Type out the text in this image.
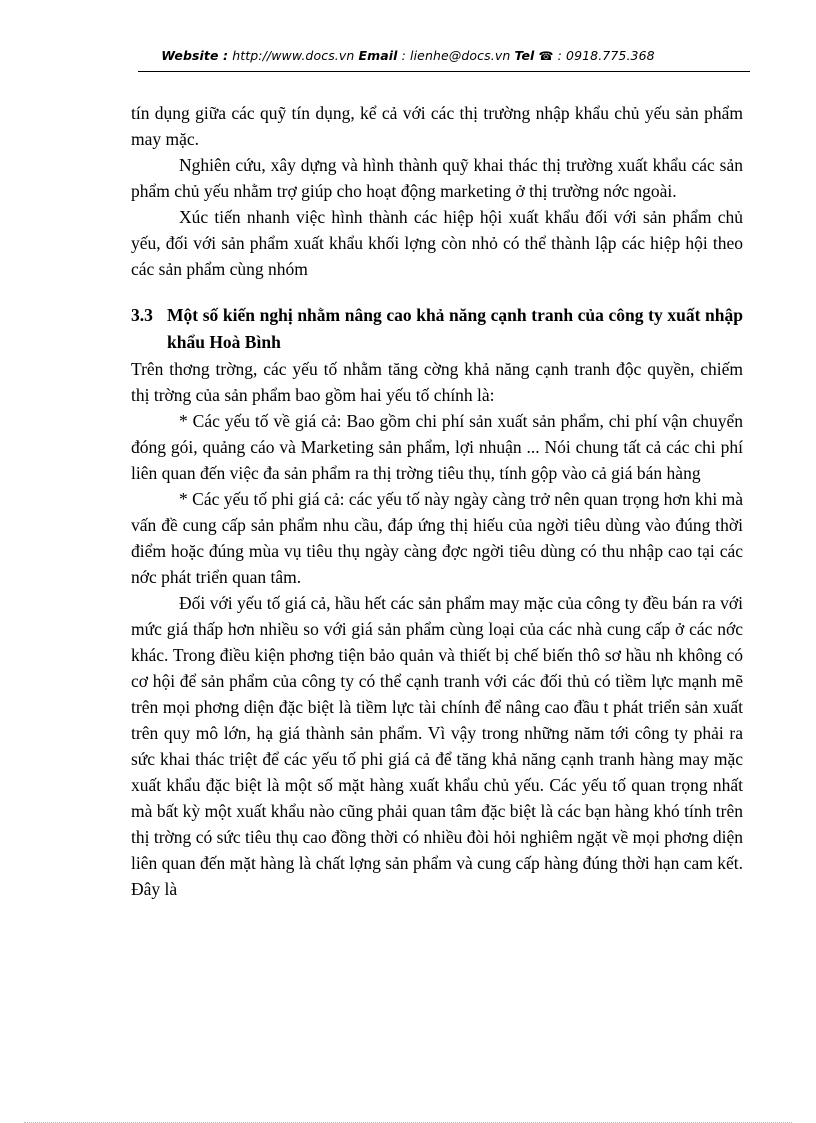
Website : http://www.docs.vn Email : lienhe@docs.vn Tel ☎ : 0918.775.368

tín dụng giữa các quỹ tín dụng, kể cả với các thị trường nhập khẩu chủ yếu sản phẩm may mặc.

Nghiên cứu, xây dựng và hình thành quỹ khai thác thị trường xuất khẩu các sản phẩm chủ yếu nhằm trợ giúp cho hoạt động marketing ở thị trường nớc ngoài.

Xúc tiến nhanh việc hình thành các hiệp hội xuất khẩu đối với sản phẩm chủ yếu, đối với sản phẩm xuất khẩu khối lợng còn nhỏ có thể thành lập các hiệp hội theo các sản phẩm cùng nhóm

3.3 Một số kiến nghị nhằm nâng cao khả năng cạnh tranh của công ty xuất nhập khẩu Hoà Bình

Trên thơng trờng, các yếu tố nhằm tăng cờng khả năng cạnh tranh độc quyền, chiếm thị trờng của sản phẩm bao gồm hai yếu tố chính là:

* Các yếu tố về giá cả: Bao gồm chi phí sản xuất sản phẩm, chi phí vận chuyển đóng gói, quảng cáo và Marketing sản phẩm, lợi nhuận ... Nói chung tất cả các chi phí liên quan đến việc đa sản phẩm ra thị trờng tiêu thụ, tính gộp vào cả giá bán hàng

* Các yếu tố phi giá cả: các yếu tố này ngày càng trở nên quan trọng hơn khi mà vấn đề cung cấp sản phẩm nhu cầu, đáp ứng thị hiếu của ngời tiêu dùng vào đúng thời điểm hoặc đúng mùa vụ tiêu thụ ngày càng đợc ngời tiêu dùng có thu nhập cao tại các nớc phát triển quan tâm.

Đối với yếu tố giá cả, hầu hết các sản phẩm may mặc của công ty đều bán ra với mức giá thấp hơn nhiều so với giá sản phẩm cùng loại của các nhà cung cấp ở các nớc khác. Trong điều kiện phơng tiện bảo quản và thiết bị chế biến thô sơ hầu nh không có cơ hội để sản phẩm của công ty có thể cạnh tranh với các đối thủ có tiềm lực mạnh mẽ trên mọi phơng diện đặc biệt là tiềm lực tài chính để nâng cao đầu t phát triển sản xuất trên quy mô lớn, hạ giá thành sản phẩm. Vì vậy trong những năm tới công ty phải ra sức khai thác triệt để các yếu tố phi giá cả để tăng khả năng cạnh tranh hàng may mặc xuất khẩu đặc biệt là một số mặt hàng xuất khẩu chủ yếu. Các yếu tố quan trọng nhất mà bất kỳ một xuất khẩu nào cũng phải quan tâm đặc biệt là các bạn hàng khó tính trên thị trờng có sức tiêu thụ cao đồng thời có nhiều đòi hỏi nghiêm ngặt về mọi phơng diện liên quan đến mặt hàng là chất lợng sản phẩm và cung cấp hàng đúng thời hạn cam kết. Đây là
